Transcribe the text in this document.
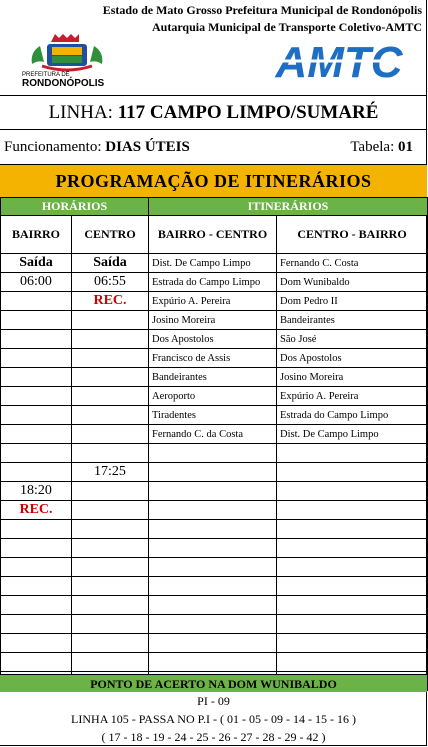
Estado de Mato Grosso Prefeitura Municipal de Rondonópolis
Autarquia Municipal de Transporte Coletivo-AMTC
PREFEITURA DE
RONDONÓPOLIS	AMTC
LINHA: 117 CAMPO LIMPO/SUMARÉ
Funcionamento: DIAS ÚTEIS	Tabela: 01
PROGRAMAÇÃO DE ITINERÁRIOS
HORÁRIOS		ITINERÁRIOS	
BAIRRO	CENTRO	BAIRRO - CENTRO	CENTRO - BAIRRO
Saída	Saída	Dist. De Campo Limpo	Fernando C. Costa
06:00	06:55	Estrada do Campo Limpo	Dom Wunibaldo
	REC.	Expúrio A. Pereira	Dom Pedro II
		Josino Moreira	Bandeirantes
		Dos Apostolos	São José
		Francisco de Assis	Dos Apostolos
		Bandeirantes	Josino Moreira
		Aeroporto	Expúrio A. Pereira
		Tiradentes	Estrada do Campo Limpo
		Fernando C. da Costa	Dist. De Campo Limpo

	17:25		
18:20			
REC.			

PONTO DE ACERTO NA DOM WUNIBALDO
PI - 09
LINHA 105 - PASSA NO P.I - ( 01 - 05 - 09 - 14 - 15 - 16 )
( 17 - 18 - 19 - 24 - 25 - 26 - 27 - 28 - 29 - 42 )
